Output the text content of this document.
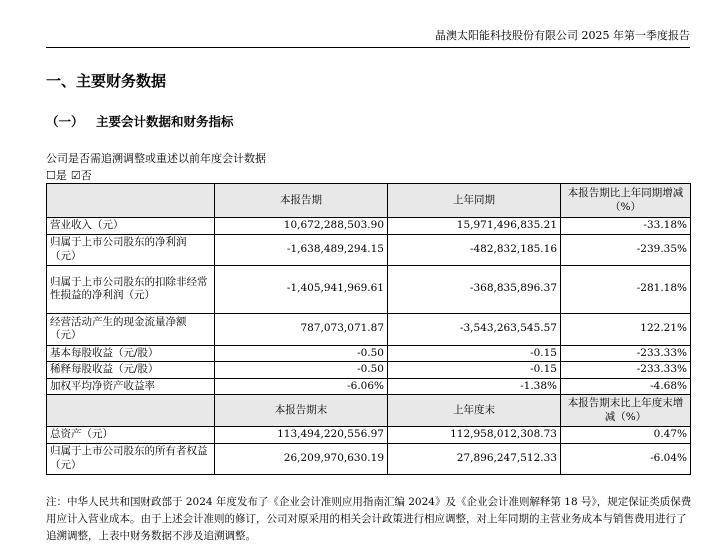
晶澳太阳能科技股份有限公司 2025 年第一季度报告
一、主要财务数据
（一） 主要会计数据和财务指标
公司是否需追溯调整或重述以前年度会计数据
☐是 ☑否
	本报告期	上年同期	本报告期比上年同期增减（%）
营业收入（元）	10,672,288,503.90	15,971,496,835.21	-33.18%
归属于上市公司股东的净利润（元）	-1,638,489,294.15	-482,832,185.16	-239.35%
归属于上市公司股东的扣除非经常性损益的净利润（元）	-1,405,941,969.61	-368,835,896.37	-281.18%
经营活动产生的现金流量净额（元）	787,073,071.87	-3,543,263,545.57	122.21%
基本每股收益（元/股）	-0.50	-0.15	-233.33%
稀释每股收益（元/股）	-0.50	-0.15	-233.33%
加权平均净资产收益率	-6.06%	-1.38%	-4.68%
	本报告期末	上年度末	本报告期末比上年度末增减（%）
总资产（元）	113,494,220,556.97	112,958,012,308.73	0.47%
归属于上市公司股东的所有者权益（元）	26,209,970,630.19	27,896,247,512.33	-6.04%
注：中华人民共和国财政部于 2024 年度发布了《企业会计准则应用指南汇编 2024》及《企业会计准则解释第 18 号》，规定保证类质保费用应计入营业成本。由于上述会计准则的修订，公司对原采用的相关会计政策进行相应调整，对上年同期的主营业务成本与销售费用进行了追溯调整，上表中财务数据不涉及追溯调整。
